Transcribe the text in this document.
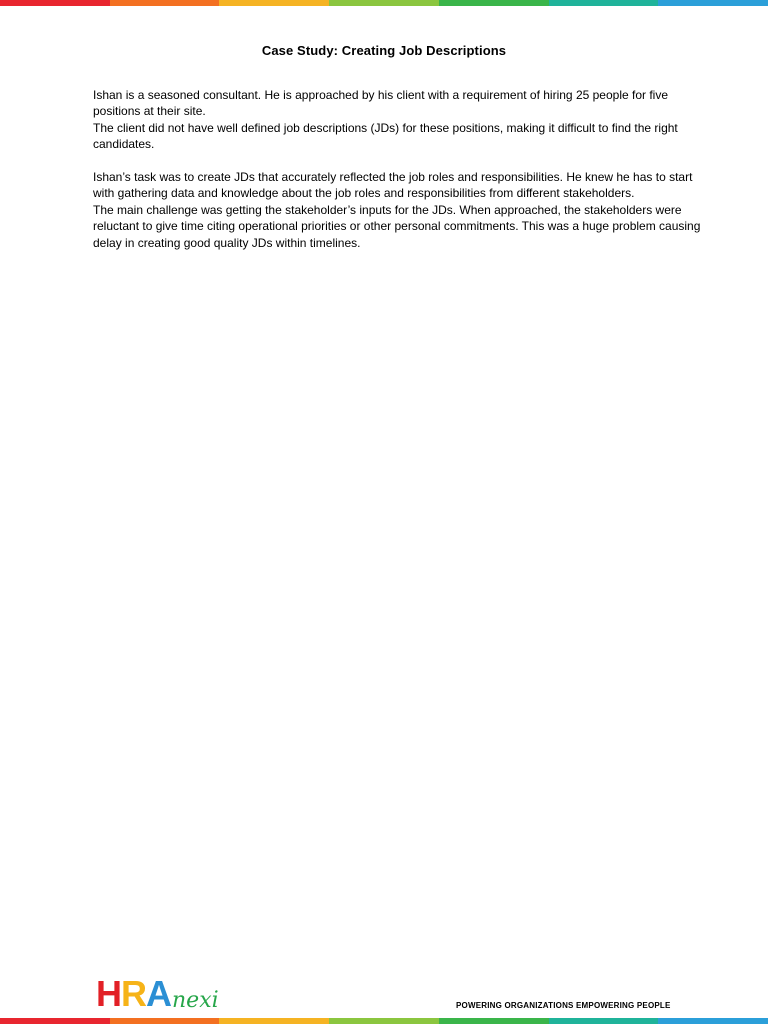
Case Study: Creating Job Descriptions

Ishan is a seasoned consultant. He is approached by his client with a requirement of hiring 25 people for five positions at their site.

The client did not have well defined job descriptions (JDs) for these positions, making it difficult to find the right candidates.

Ishan’s task was to create JDs that accurately reflected the job roles and responsibilities. He knew he has to start with gathering data and knowledge about the job roles and responsibilities from different stakeholders.

The main challenge was getting the stakeholder’s inputs for the JDs. When approached, the stakeholders were reluctant to give time citing operational priorities or other personal commitments. This was a huge problem causing delay in creating good quality JDs within timelines.

H R A nexi	POWERING ORGANIZATIONS EMPOWERING PEOPLE
